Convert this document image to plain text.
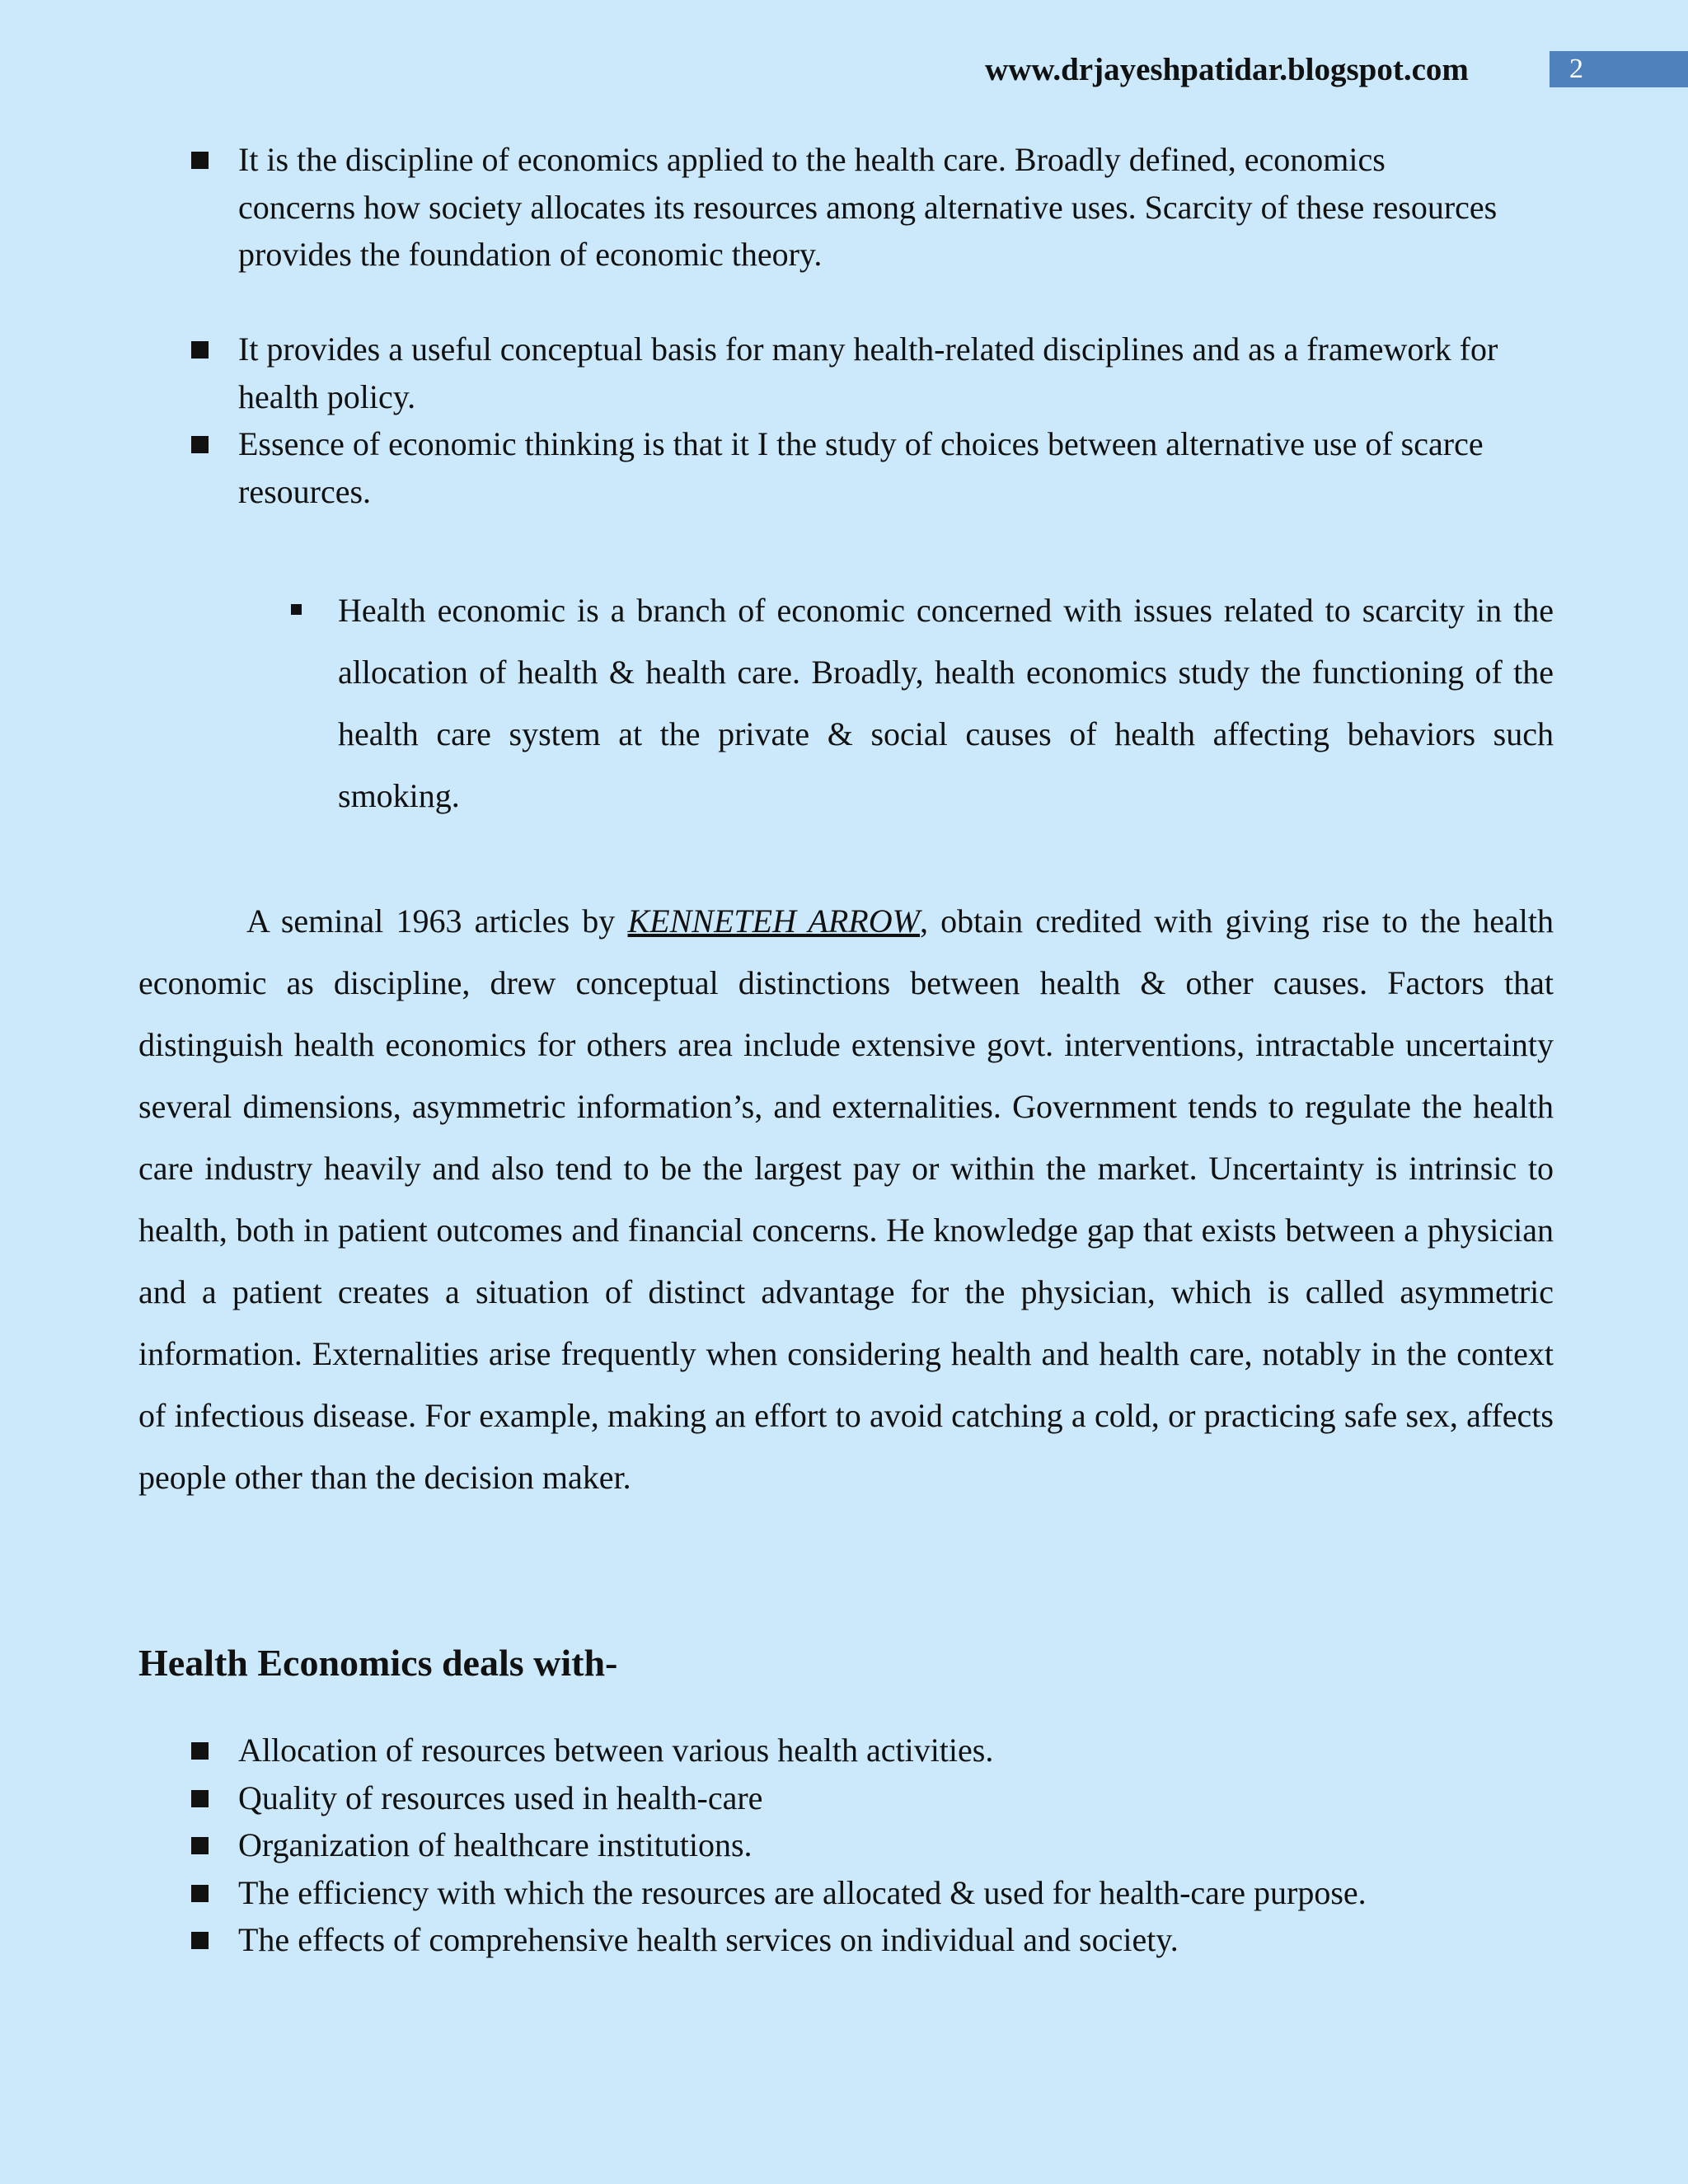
www.drjayeshpatidar.blogspot.com	2
It is the discipline of economics applied to the health care. Broadly defined, economics concerns how society allocates its resources among alternative uses. Scarcity of these resources provides the foundation of economic theory.
It provides a useful conceptual basis for many health-related disciplines and as a framework for health policy.
Essence of economic thinking is that it I the study of choices between alternative use of scarce resources.
Health economic is a branch of economic concerned with issues related to scarcity in the allocation of health & health care. Broadly, health economics study the functioning of the health care system at the private & social causes of health affecting behaviors such smoking.

A seminal 1963 articles by KENNETEH ARROW, obtain credited with giving rise to the health economic as discipline, drew conceptual distinctions between health & other causes. Factors that distinguish health economics for others area include extensive govt. interventions, intractable uncertainty several dimensions, asymmetric information’s, and externalities. Government tends to regulate the health care industry heavily and also tend to be the largest pay or within the market. Uncertainty is intrinsic to health, both in patient outcomes and financial concerns. He knowledge gap that exists between a physician and a patient creates a situation of distinct advantage for the physician, which is called asymmetric information. Externalities arise frequently when considering health and health care, notably in the context of infectious disease. For example, making an effort to avoid catching a cold, or practicing safe sex, affects people other than the decision maker.

Health Economics deals with-
Allocation of resources between various health activities.
Quality of resources used in health-care
Organization of healthcare institutions.
The efficiency with which the resources are allocated & used for health-care purpose.
The effects of comprehensive health services on individual and society.
